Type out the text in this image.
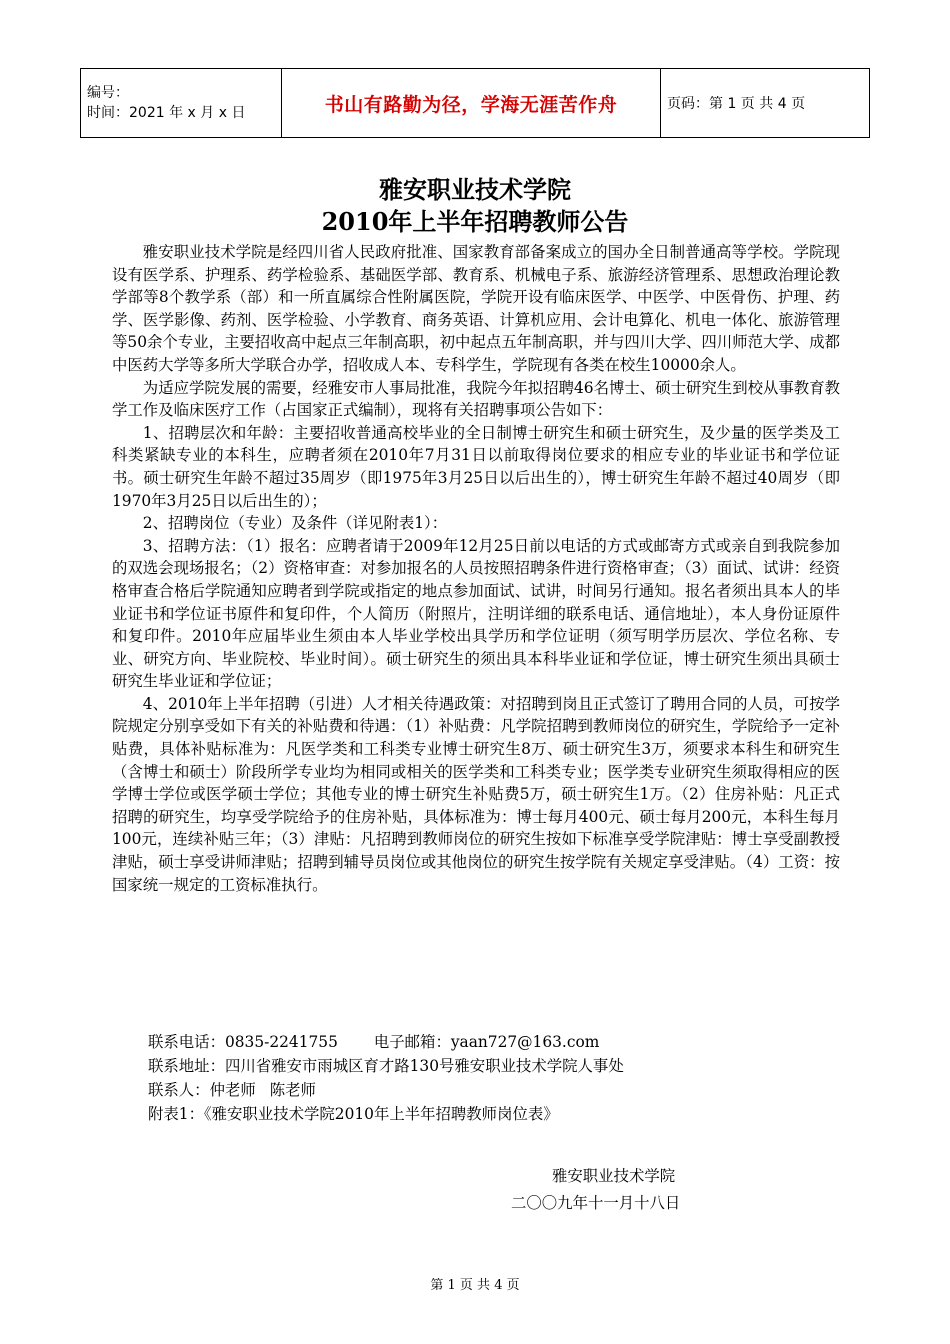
编号：
时间：2021 年 x 月 x 日	书山有路勤为径，学海无涯苦作舟	页码：第 1 页 共 4 页
雅安职业技术学院
2010年上半年招聘教师公告

雅安职业技术学院是经四川省人民政府批准、国家教育部备案成立的国办全日制普通高等学校。学院现设有医学系、护理系、药学检验系、基础医学部、教育系、机械电子系、旅游经济管理系、思想政治理论教学部等8个教学系（部）和一所直属综合性附属医院，学院开设有临床医学、中医学、中医骨伤、护理、药学、医学影像、药剂、医学检验、小学教育、商务英语、计算机应用、会计电算化、机电一体化、旅游管理等50余个专业，主要招收高中起点三年制高职，初中起点五年制高职，并与四川大学、四川师范大学、成都中医药大学等多所大学联合办学，招收成人本、专科学生，学院现有各类在校生10000余人。

为适应学院发展的需要，经雅安市人事局批准，我院今年拟招聘46名博士、硕士研究生到校从事教育教学工作及临床医疗工作（占国家正式编制），现将有关招聘事项公告如下：

1、招聘层次和年龄：主要招收普通高校毕业的全日制博士研究生和硕士研究生，及少量的医学类及工科类紧缺专业的本科生，应聘者须在2010年7月31日以前取得岗位要求的相应专业的毕业证书和学位证书。硕士研究生年龄不超过35周岁（即1975年3月25日以后出生的），博士研究生年龄不超过40周岁（即1970年3月25日以后出生的）；

2、招聘岗位（专业）及条件（详见附表1）：

3、招聘方法：（1）报名：应聘者请于2009年12月25日前以电话的方式或邮寄方式或亲自到我院参加的双选会现场报名；（2）资格审查：对参加报名的人员按照招聘条件进行资格审查；（3）面试、试讲：经资格审查合格后学院通知应聘者到学院或指定的地点参加面试、试讲，时间另行通知。报名者须出具本人的毕业证书和学位证书原件和复印件，个人简历（附照片，注明详细的联系电话、通信地址），本人身份证原件和复印件。2010年应届毕业生须由本人毕业学校出具学历和学位证明（须写明学历层次、学位名称、专业、研究方向、毕业院校、毕业时间）。硕士研究生的须出具本科毕业证和学位证，博士研究生须出具硕士研究生毕业证和学位证；

4、2010年上半年招聘（引进）人才相关待遇政策：对招聘到岗且正式签订了聘用合同的人员，可按学院规定分别享受如下有关的补贴费和待遇：（1）补贴费：凡学院招聘到教师岗位的研究生，学院给予一定补贴费，具体补贴标准为：凡医学类和工科类专业博士研究生8万、硕士研究生3万，须要求本科生和研究生（含博士和硕士）阶段所学专业均为相同或相关的医学类和工科类专业；医学类专业研究生须取得相应的医学博士学位或医学硕士学位；其他专业的博士研究生补贴费5万，硕士研究生1万。（2）住房补贴：凡正式招聘的研究生，均享受学院给予的住房补贴，具体标准为：博士每月400元、硕士每月200元，本科生每月100元，连续补贴三年；（3）津贴：凡招聘到教师岗位的研究生按如下标准享受学院津贴：博士享受副教授津贴，硕士享受讲师津贴；招聘到辅导员岗位或其他岗位的研究生按学院有关规定享受津贴。（4）工资：按国家统一规定的工资标准执行。

联系电话：0835-2241755 电子邮箱：yaan727@163.com
联系地址：四川省雅安市雨城区育才路130号雅安职业技术学院人事处
联系人：仲老师 陈老师
附表1：《雅安职业技术学院2010年上半年招聘教师岗位表》
雅安职业技术学院
二〇〇九年十一月十八日
第 1 页 共 4 页
